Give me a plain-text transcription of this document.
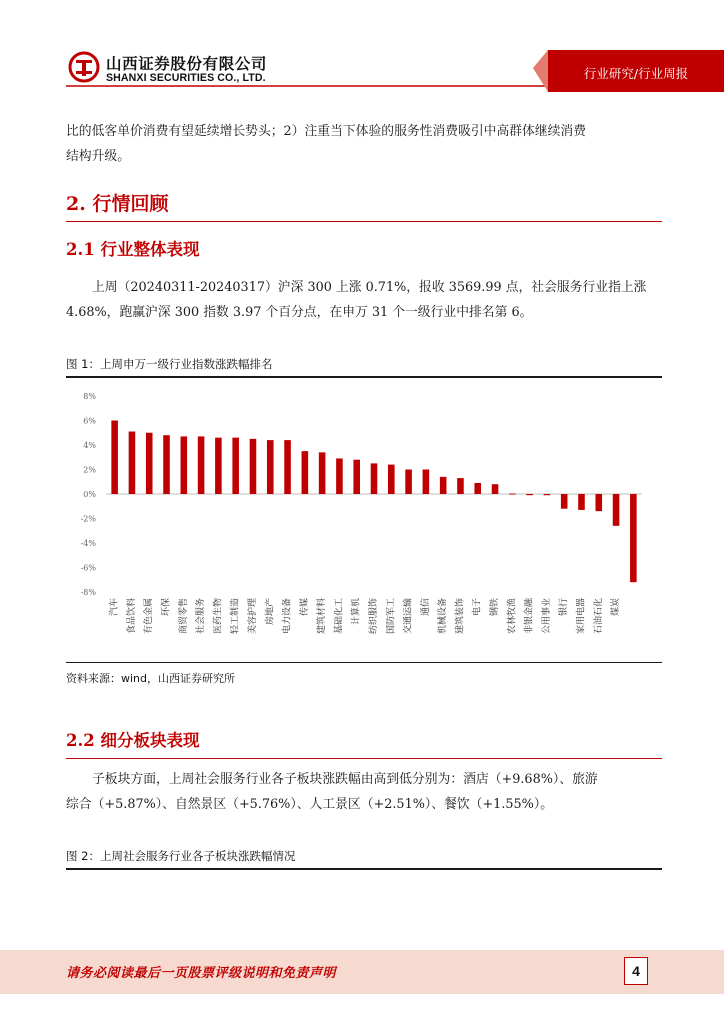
山西证券股份有限公司
SHANXI SECURITIES CO., LTD.	行业研究/行业周报

比的低客单价消费有望延续增长势头；2）注重当下体验的服务性消费吸引中高群体继续消费

结构升级。

2. 行情回顾
2.1 行业整体表现

上周（20240311-20240317）沪深 300 上涨 0.71%，报收 3569.99 点，社会服务行业指上涨

4.68%，跑赢沪深 300 指数 3.97 个百分点，在申万 31 个一级行业中排名第 6。

图 1：上周申万一级行业指数涨跌幅排名
8%
6%
4%
2%
0%
-2%
-4%
-6%
-8%
汽车 食品饮料 有色金属 环保 商贸零售 社会服务 医药生物 轻工制造 美容护理 房地产 电力设备 传媒 建筑材料 基础化工 计算机 纺织服饰 国防军工 交通运输 通信 机械设备 建筑装饰 电子 钢铁 农林牧渔 非银金融 公用事业 银行 家用电器 石油石化 煤炭
资料来源：wind，山西证券研究所
2.2 细分板块表现

子板块方面，上周社会服务行业各子板块涨跌幅由高到低分别为：酒店（+9.68%）、旅游

综合（+5.87%）、自然景区（+5.76%）、人工景区（+2.51%）、餐饮（+1.55%）。

图 2：上周社会服务行业各子板块涨跌幅情况
请务必阅读最后一页股票评级说明和免责声明	4
